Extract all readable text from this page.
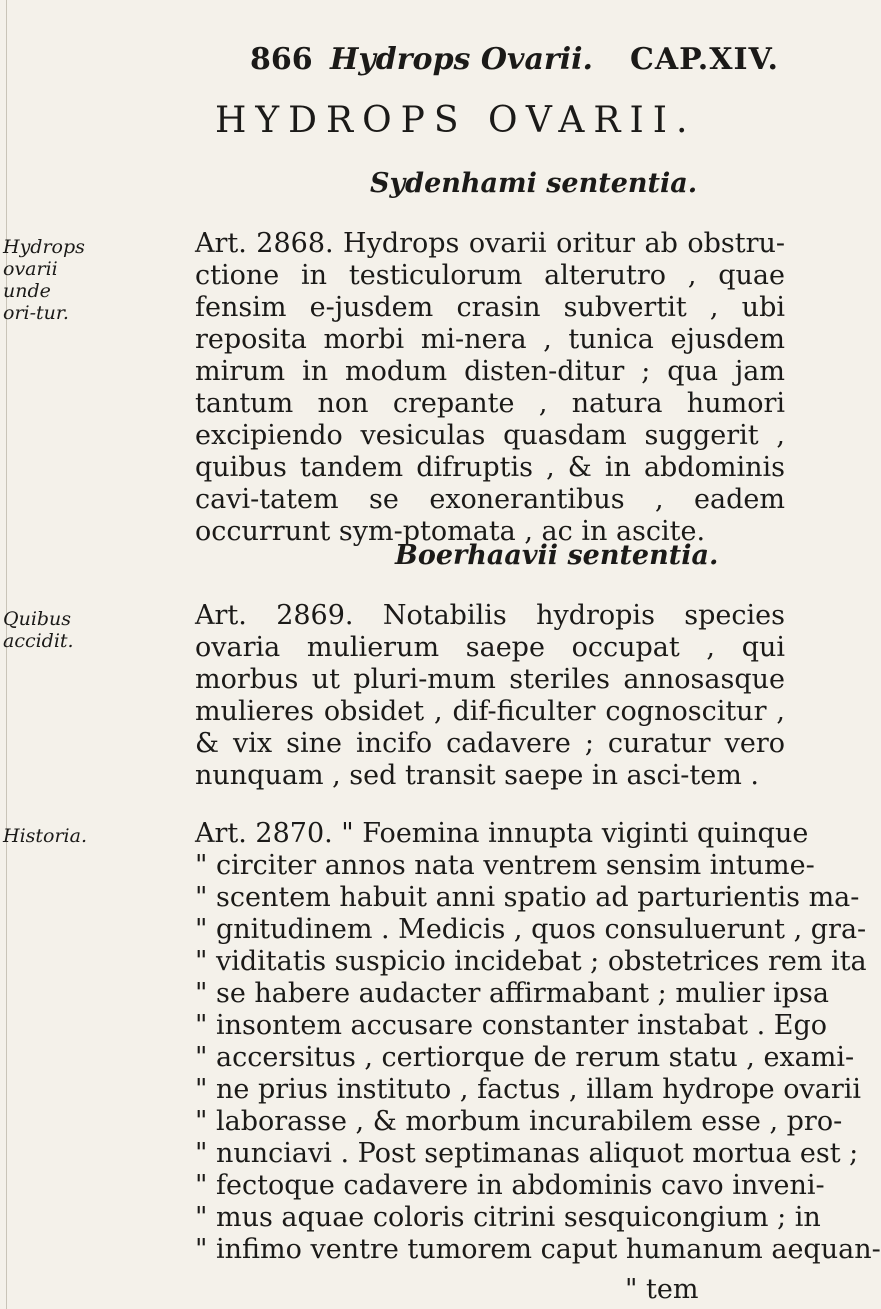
866 Hydrops Ovarii. CAP.XIV.
HYDROPS OVARII.
Sydenhami sententia.
Hydrops ovarii unde ori-tur.

Art. 2868. Hydrops ovarii oritur ab obstru-ctione in testiculorum alterutro , quae fensim e-jusdem crasin subvertit , ubi reposita morbi mi-nera , tunica ejusdem mirum in modum disten-ditur ; qua jam tantum non crepante , natura humori excipiendo vesiculas quasdam suggerit , quibus tandem difruptis , & in abdominis cavi-tatem se exonerantibus , eadem occurrunt sym-ptomata , ac in ascite.

Boerhaavii sententia.
Quibus accidit.

Art. 2869. Notabilis hydropis species ovaria mulierum saepe occupat , qui morbus ut pluri-mum steriles annosasque mulieres obsidet , dif-ficulter cognoscitur , & vix sine incifo cadavere ; curatur vero nunquam , sed transit saepe in asci-tem .

Historia.	Art. 2870. " Foemina innupta viginti quinque
" circiter annos nata ventrem sensim intume-
" scentem habuit anni spatio ad parturientis ma-
" gnitudinem . Medicis , quos consuluerunt , gra-
" viditatis suspicio incidebat ; obstetrices rem ita
" se habere audacter affirmabant ; mulier ipsa
" insontem accusare constanter instabat . Ego
" accersitus , certiorque de rerum statu , exami-
" ne prius instituto , factus , illam hydrope ovarii
" laborasse , & morbum incurabilem esse , pro-
" nunciavi . Post septimanas aliquot mortua est ;
" fectoque cadavere in abdominis cavo inveni-
" mus aquae coloris citrini sesquicongium ; in
" infimo ventre tumorem caput humanum aequan-
" tem
